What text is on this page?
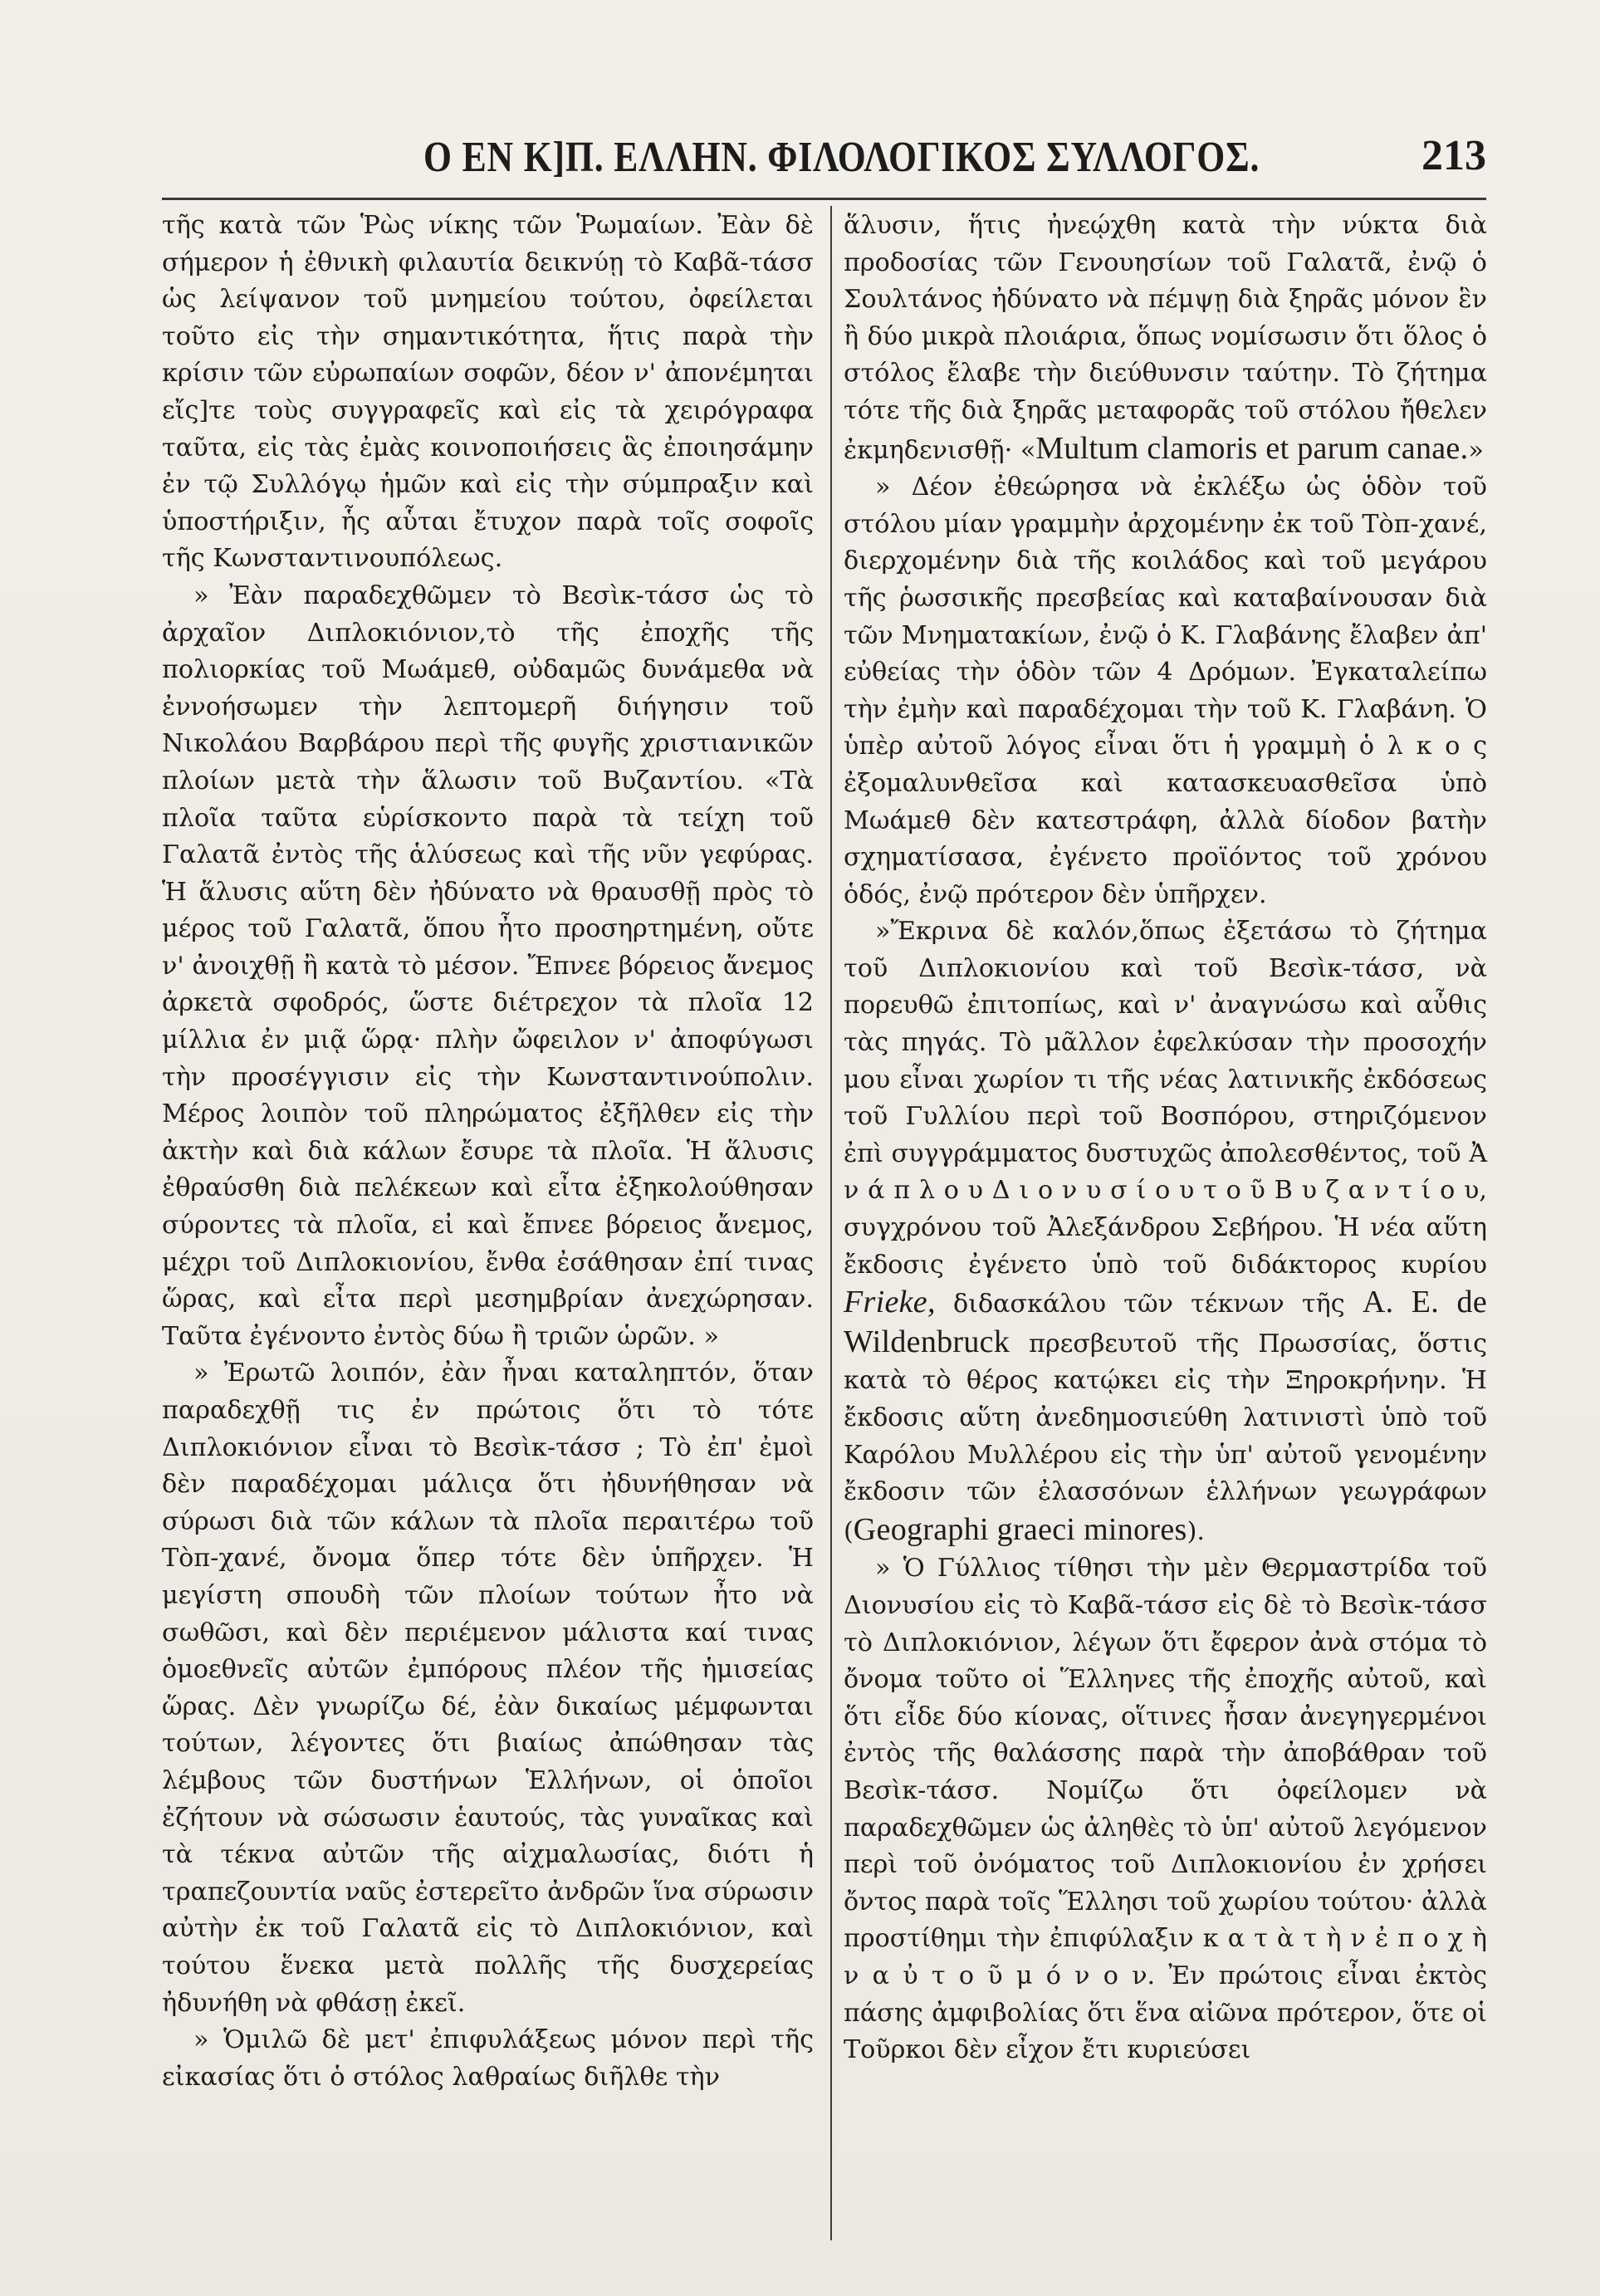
Ο ΕΝ Κ]Π. ΕΛΛΗΝ. ΦΙΛΟΛΟΓΙΚΟΣ ΣΥΛΛΟΓΟΣ.	213

τῆς κατὰ τῶν Ῥὼς νίκης τῶν Ῥωμαίων. Ἐὰν δὲ σήμερον ἡ ἐθνικὴ φιλαυτία δεικνύῃ τὸ Καβᾶ-τάσσ ὡς λείψανον τοῦ μνημείου τούτου, ὀφείλεται τοῦτο εἰς τὴν σημαντικότητα, ἥτις παρὰ τὴν κρίσιν τῶν εὐρωπαίων σοφῶν, δέον ν' ἀπονέμηται εἴς]τε τοὺς συγγραφεῖς καὶ εἰς τὰ χειρόγραφα ταῦτα, εἰς τὰς ἐμὰς κοινοποιήσεις ἃς ἐποιησάμην ἐν τῷ Συλλόγῳ ἡμῶν καὶ εἰς τὴν σύμπραξιν καὶ ὑποστήριξιν, ἧς αὗται ἔτυχον παρὰ τοῖς σοφοῖς τῆς Κωνσταντινουπόλεως.

» Ἐὰν παραδεχθῶμεν τὸ Βεσὶκ-τάσσ ὡς τὸ ἀρχαῖον Διπλοκιόνιον,τὸ τῆς ἐποχῆς τῆς πολιορκίας τοῦ Μωάμεθ, οὐδαμῶς δυνάμεθα νὰ ἐννοήσωμεν τὴν λεπτομερῆ διήγησιν τοῦ Νικολάου Βαρβάρου περὶ τῆς φυγῆς χριστιανικῶν πλοίων μετὰ τὴν ἅλωσιν τοῦ Βυζαντίου. «Τὰ πλοῖα ταῦτα εὑρίσκοντο παρὰ τὰ τείχη τοῦ Γαλατᾶ ἐντὸς τῆς ἁλύσεως καὶ τῆς νῦν γεφύρας. Ἡ ἅλυσις αὕτη δὲν ἠδύνατο νὰ θραυσθῇ πρὸς τὸ μέρος τοῦ Γαλατᾶ, ὅπου ἦτο προσηρτημένη, οὔτε ν' ἀνοιχθῇ ἢ κατὰ τὸ μέσον. Ἔπνεε βόρειος ἄνεμος ἀρκετὰ σφοδρός, ὥστε διέτρεχον τὰ πλοῖα 12 μίλλια ἐν μιᾷ ὥρᾳ· πλὴν ὤφειλον ν' ἀποφύγωσι τὴν προσέγγισιν εἰς τὴν Κωνσταντινούπολιν. Μέρος λοιπὸν τοῦ πληρώματος ἐξῆλθεν εἰς τὴν ἀκτὴν καὶ διὰ κάλων ἔσυρε τὰ πλοῖα. Ἡ ἅλυσις ἐθραύσθη διὰ πελέκεων καὶ εἶτα ἐξηκολούθησαν σύροντες τὰ πλοῖα, εἰ καὶ ἔπνεε βόρειος ἄνεμος, μέχρι τοῦ Διπλοκιονίου, ἔνθα ἐσάθησαν ἐπί τινας ὥρας, καὶ εἶτα περὶ μεσημβρίαν ἀνεχώρησαν. Ταῦτα ἐγένοντο ἐντὸς δύω ἢ τριῶν ὡρῶν. »

» Ἐρωτῶ λοιπόν, ἐὰν ἦναι καταληπτόν, ὅταν παραδεχθῇ τις ἐν πρώτοις ὅτι τὸ τότε Διπλοκιόνιον εἶναι τὸ Βεσὶκ-τάσσ ; Τὸ ἐπ' ἐμοὶ δὲν παραδέχομαι μάλιςα ὅτι ἠδυνήθησαν νὰ σύρωσι διὰ τῶν κάλων τὰ πλοῖα περαιτέρω τοῦ Τὸπ-χανέ, ὄνομα ὅπερ τότε δὲν ὑπῆρχεν. Ἡ μεγίστη σπουδὴ τῶν πλοίων τούτων ἦτο νὰ σωθῶσι, καὶ δὲν περιέμενον μάλιστα καί τινας ὁμοεθνεῖς αὐτῶν ἐμπόρους πλέον τῆς ἡμισείας ὥρας. Δὲν γνωρίζω δέ, ἐὰν δικαίως μέμφωνται τούτων, λέγοντες ὅτι βιαίως ἀπώθησαν τὰς λέμβους τῶν δυστήνων Ἑλλήνων, οἱ ὁποῖοι ἐζήτουν νὰ σώσωσιν ἑαυτούς, τὰς γυναῖκας καὶ τὰ τέκνα αὐτῶν τῆς αἰχμαλωσίας, διότι ἡ τραπεζουντία ναῦς ἐστερεῖτο ἀνδρῶν ἵνα σύρωσιν αὐτὴν ἐκ τοῦ Γαλατᾶ εἰς τὸ Διπλοκιόνιον, καὶ τούτου ἕνεκα μετὰ πολλῆς τῆς δυσχερείας ἠδυνήθη νὰ φθάσῃ ἐκεῖ.

» Ὁμιλῶ δὲ μετ' ἐπιφυλάξεως μόνον περὶ τῆς εἰκασίας ὅτι ὁ στόλος λαθραίως διῆλθε τὴν

ἅλυσιν, ἥτις ἠνεῴχθη κατὰ τὴν νύκτα διὰ προδοσίας τῶν Γενουησίων τοῦ Γαλατᾶ, ἐνῷ ὁ Σουλτάνος ἠδύνατο νὰ πέμψῃ διὰ ξηρᾶς μόνον ἓν ἢ δύο μικρὰ πλοιάρια, ὅπως νομίσωσιν ὅτι ὅλος ὁ στόλος ἔλαβε τὴν διεύθυνσιν ταύτην. Τὸ ζήτημα τότε τῆς διὰ ξηρᾶς μεταφορᾶς τοῦ στόλου ἤθελεν ἐκμηδενισθῇ· «Multum clamoris et parum canae.»

» Δέον ἐθεώρησα νὰ ἐκλέξω ὡς ὁδὸν τοῦ στόλου μίαν γραμμὴν ἀρχομένην ἐκ τοῦ Τὸπ-χανέ, διερχομένην διὰ τῆς κοιλάδος καὶ τοῦ μεγάρου τῆς ῥωσσικῆς πρεσβείας καὶ καταβαίνουσαν διὰ τῶν Μνηματακίων, ἐνῷ ὁ Κ. Γλαβάνης ἔλαβεν ἀπ' εὐθείας τὴν ὁδὸν τῶν 4 Δρόμων. Ἐγκαταλείπω τὴν ἐμὴν καὶ παραδέχομαι τὴν τοῦ Κ. Γλαβάνη. Ὁ ὑπὲρ αὐτοῦ λόγος εἶναι ὅτι ἡ γραμμὴ ὁ λ κ ο ς ἐξομαλυνθεῖσα καὶ κατασκευασθεῖσα ὑπὸ Μωάμεθ δὲν κατεστράφη, ἀλλὰ δίοδον βατὴν σχηματίσασα, ἐγένετο προϊόντος τοῦ χρόνου ὁδός, ἐνῷ πρότερον δὲν ὑπῆρχεν.

»Ἔκρινα δὲ καλόν,ὅπως ἐξετάσω τὸ ζήτημα τοῦ Διπλοκιονίου καὶ τοῦ Βεσὶκ-τάσσ, νὰ πορευθῶ ἐπιτοπίως, καὶ ν' ἀναγνώσω καὶ αὖθις τὰς πηγάς. Τὸ μᾶλλον ἐφελκύσαν τὴν προσοχήν μου εἶναι χωρίον τι τῆς νέας λατινικῆς ἐκδόσεως τοῦ Γυλλίου περὶ τοῦ Βοσπόρου, στηριζόμενον ἐπὶ συγγράμματος δυστυχῶς ἀπολεσθέντος, τοῦ Ἀ ν ά π λ ο υ Δ ι ο ν υ σ ί ο υ τ ο ῦ Β υ ζ α ν τ ί ο υ, συγχρόνου τοῦ Ἀλεξάνδρου Σεβήρου. Ἡ νέα αὕτη ἔκδοσις ἐγένετο ὑπὸ τοῦ διδάκτορος κυρίου Frieke, διδασκάλου τῶν τέκνων τῆς A. E. de Wildenbruck πρεσβευτοῦ τῆς Πρωσσίας, ὅστις κατὰ τὸ θέρος κατῴκει εἰς τὴν Ξηροκρήνην. Ἡ ἔκδοσις αὕτη ἀνεδημοσιεύθη λατινιστὶ ὑπὸ τοῦ Καρόλου Μυλλέρου εἰς τὴν ὑπ' αὐτοῦ γενομένην ἔκδοσιν τῶν ἐλασσόνων ἑλλήνων γεωγράφων (Geographi graeci minores).

» Ὁ Γύλλιος τίθησι τὴν μὲν Θερμαστρίδα τοῦ Διονυσίου εἰς τὸ Καβᾶ-τάσσ εἰς δὲ τὸ Βεσὶκ-τάσσ τὸ Διπλοκιόνιον, λέγων ὅτι ἔφερον ἀνὰ στόμα τὸ ὄνομα τοῦτο οἱ Ἕλληνες τῆς ἐποχῆς αὐτοῦ, καὶ ὅτι εἶδε δύο κίονας, οἵτινες ἦσαν ἀνεγηγερμένοι ἐντὸς τῆς θαλάσσης παρὰ τὴν ἀποβάθραν τοῦ Βεσὶκ-τάσσ. Νομίζω ὅτι ὀφείλομεν νὰ παραδεχθῶμεν ὡς ἀληθὲς τὸ ὑπ' αὐτοῦ λεγόμενον περὶ τοῦ ὀνόματος τοῦ Διπλοκιονίου ἐν χρήσει ὄντος παρὰ τοῖς Ἕλλησι τοῦ χωρίου τούτου· ἀλλὰ προστίθημι τὴν ἐπιφύλαξιν κ α τ ὰ τ ὴ ν ἐ π ο χ ὴ ν α ὐ τ ο ῦ μ ό ν ο ν. Ἐν πρώτοις εἶναι ἐκτὸς πάσης ἀμφιβολίας ὅτι ἕνα αἰῶνα πρότερον, ὅτε οἱ Τοῦρκοι δὲν εἶχον ἔτι κυριεύσει
